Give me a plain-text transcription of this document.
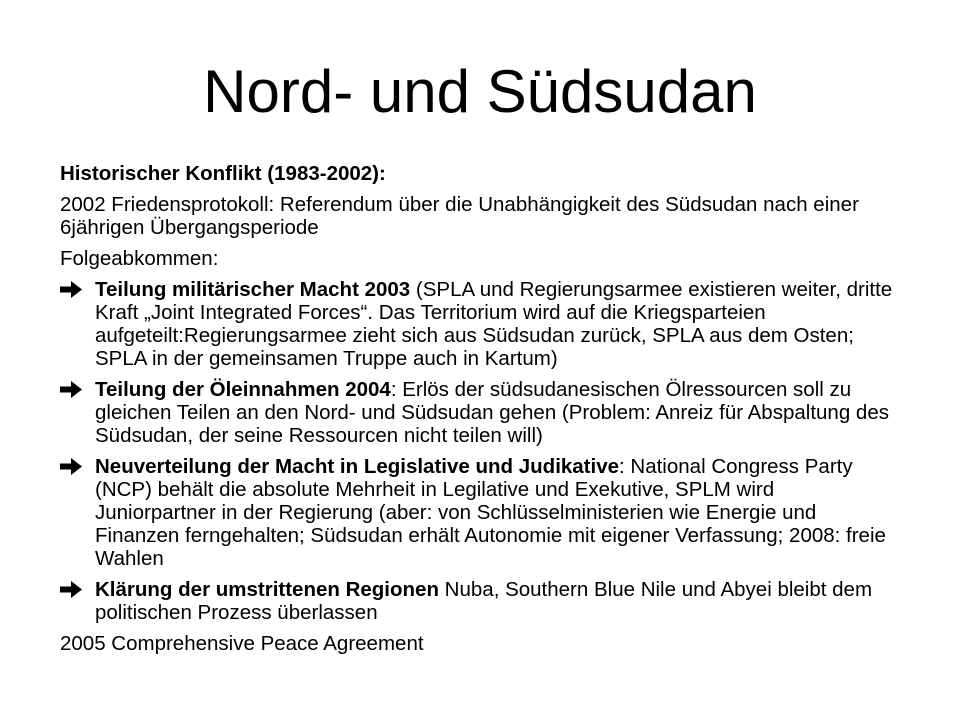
Nord- und Südsudan

Historischer Konflikt (1983-2002):

2002 Friedensprotokoll: Referendum über die Unabhängigkeit des Südsudan nach einer 6jährigen Übergangsperiode

Folgeabkommen:

Teilung militärischer Macht 2003 (SPLA und Regierungsarmee existieren weiter, dritte Kraft „Joint Integrated Forces“. Das Territorium wird auf die Kriegsparteien aufgeteilt:Regierungsarmee zieht sich aus Südsudan zurück, SPLA aus dem Osten; SPLA in der gemeinsamen Truppe auch in Kartum)
Teilung der Öleinnahmen 2004: Erlös der südsudanesischen Ölressourcen soll zu gleichen Teilen an den Nord- und Südsudan gehen (Problem: Anreiz für Abspaltung des Südsudan, der seine Ressourcen nicht teilen will)
Neuverteilung der Macht in Legislative und Judikative: National Congress Party (NCP) behält die absolute Mehrheit in Legilative und Exekutive, SPLM wird Juniorpartner in der Regierung (aber: von Schlüsselministerien wie Energie und Finanzen ferngehalten; Südsudan erhält Autonomie mit eigener Verfassung; 2008: freie Wahlen
Klärung der umstrittenen Regionen Nuba, Southern Blue Nile und Abyei bleibt dem politischen Prozess überlassen

2005 Comprehensive Peace Agreement
